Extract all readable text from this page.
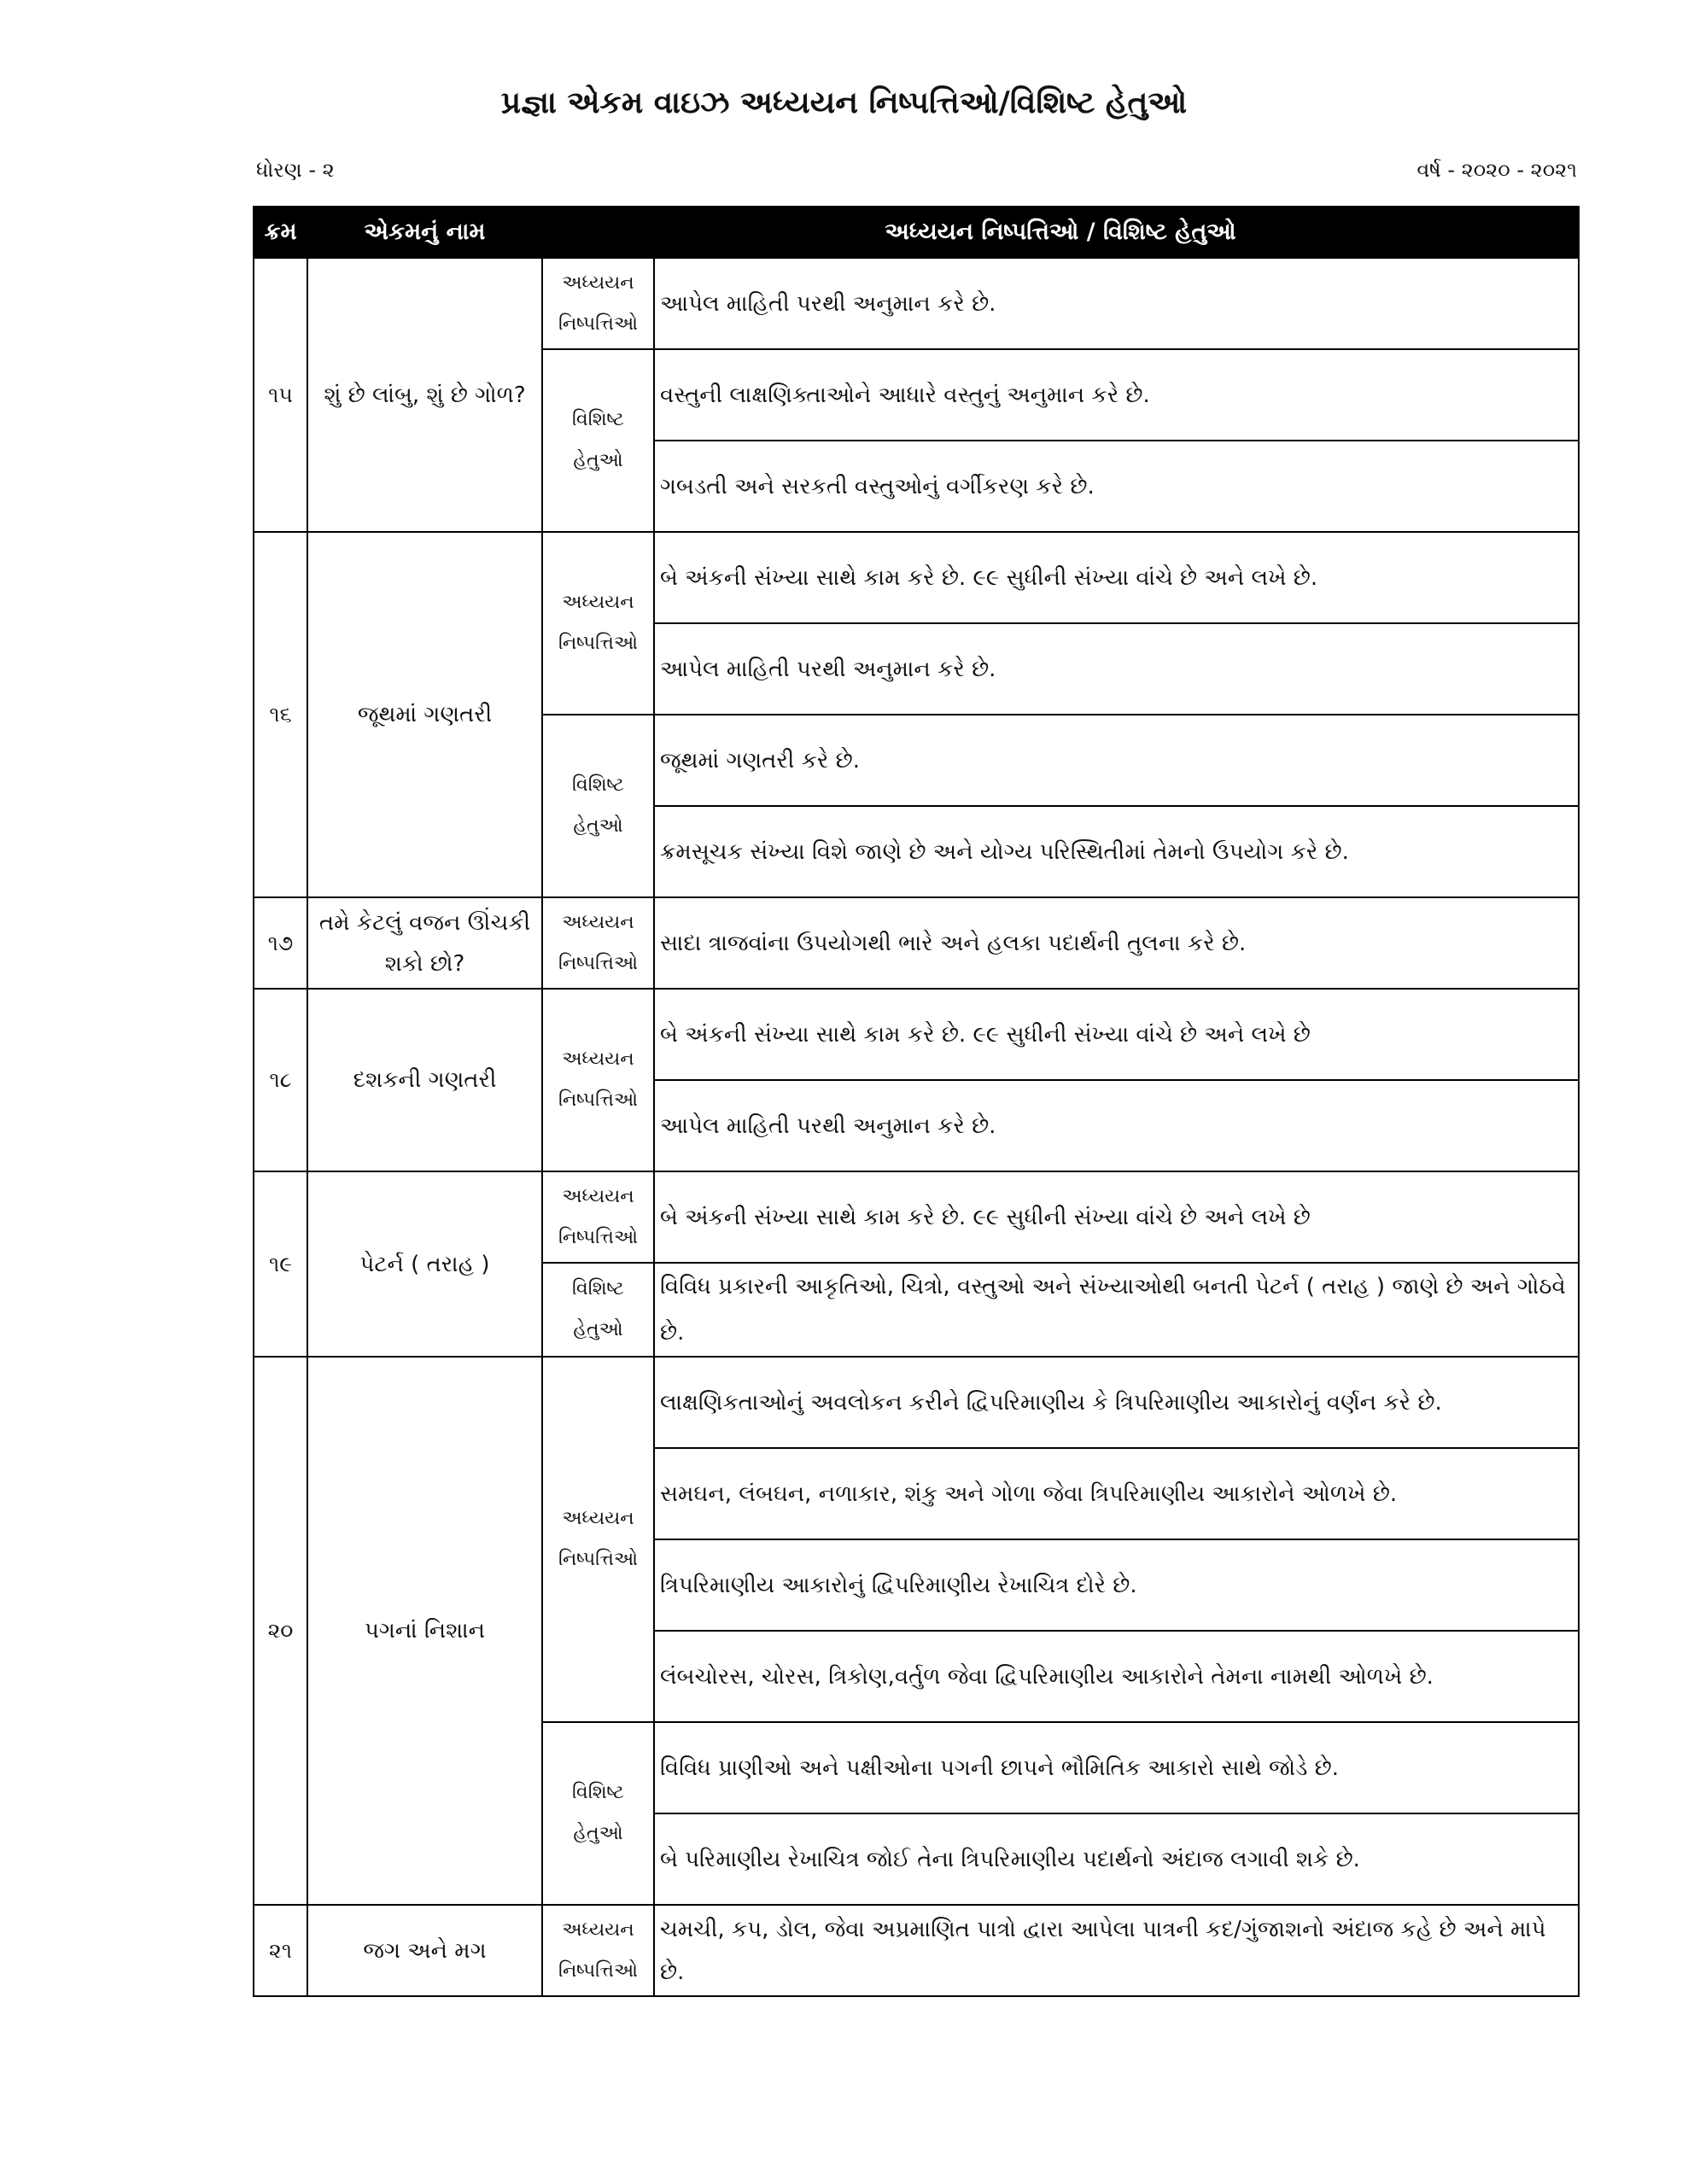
પ્રજ્ઞા એકમ વાઇઝ અધ્યયન નિષ્પત્તિઓ/વિશિષ્ટ હેતુઓ
ધોરણ - ૨	વર્ષ - ૨૦૨૦ - ૨૦૨૧
ક્રમ	એકમનું નામ	અધ્યયન નિષ્પત્તિઓ / વિશિષ્ટ હેતુઓ	
૧૫	શું છે લાંબુ, શું છે ગોળ?	અધ્યયન નિષ્પત્તિઓ	આપેલ માહિતી પરથી અનુમાન કરે છે.
		વિશિષ્ટ હેતુઓ	વસ્તુની લાક્ષણિક્તાઓને આધારે વસ્તુનું અનુમાન કરે છે.
			ગબડતી અને સરકતી વસ્તુઓનું વર્ગીકરણ કરે છે.
૧૬	જૂથમાં ગણતરી	અધ્યયન નિષ્પત્તિઓ	બે અંકની સંખ્યા સાથે કામ કરે છે. ૯૯ સુધીની સંખ્યા વાંચે છે અને લખે છે.
			આપેલ માહિતી પરથી અનુમાન કરે છે.
		વિશિષ્ટ હેતુઓ	જૂથમાં ગણતરી કરે છે.
			ક્રમસૂચક સંખ્યા વિશે જાણે છે અને યોગ્ય પરિસ્થિતીમાં તેમનો ઉપયોગ કરે છે.
૧૭	તમે કેટલું વજન ઊંચકી શકો છો?	અધ્યયન નિષ્પત્તિઓ	સાદા ત્રાજવાંના ઉપયોગથી ભારે અને હલકા પદાર્થની તુલના કરે છે.
૧૮	દશકની ગણતરી	અધ્યયન નિષ્પત્તિઓ	બે અંકની સંખ્યા સાથે કામ કરે છે. ૯૯ સુધીની સંખ્યા વાંચે છે અને લખે છે
			આપેલ માહિતી પરથી અનુમાન કરે છે.
૧૯	પેટર્ન ( તરાહ )	અધ્યયન નિષ્પત્તિઓ	બે અંકની સંખ્યા સાથે કામ કરે છે. ૯૯ સુધીની સંખ્યા વાંચે છે અને લખે છે
		વિશિષ્ટ હેતુઓ	વિવિધ પ્રકારની આકૃતિઓ, ચિત્રો, વસ્તુઓ અને સંખ્યાઓથી બનતી પેટર્ન ( તરાહ ) જાણે છે અને ગોઠવે છે.
૨૦	પગનાં નિશાન	અધ્યયન નિષ્પત્તિઓ	લાક્ષણિકતાઓનું અવલોકન કરીને દ્વિપરિમાણીય કે ત્રિપરિમાણીય આકારોનું વર્ણન કરે છે.
			સમઘન, લંબઘન, નળાકાર, શંકુ અને ગોળા જેવા ત્રિપરિમાણીય આકારોને ઓળખે છે.
			ત્રિપરિમાણીય આકારોનું દ્વિપરિમાણીય રેખાચિત્ર દોરે છે.
			લંબચોરસ, ચોરસ, ત્રિકોણ,વર્તુળ જેવા દ્વિપરિમાણીય આકારોને તેમના નામથી ઓળખે છે.
		વિશિષ્ટ હેતુઓ	વિવિધ પ્રાણીઓ અને પક્ષીઓના પગની છાપને ભૌમિતિક આકારો સાથે જોડે છે.
			બે પરિમાણીય રેખાચિત્ર જોઈ તેના ત્રિપરિમાણીય પદાર્થનો અંદાજ લગાવી શકે છે.
૨૧	જગ અને મગ	અધ્યયન નિષ્પત્તિઓ	ચમચી, કપ, ડોલ, જેવા અપ્રમાણિત પાત્રો દ્વારા આપેલા પાત્રની કદ/ગુંજાશનો અંદાજ કહે છે અને માપે છે.
